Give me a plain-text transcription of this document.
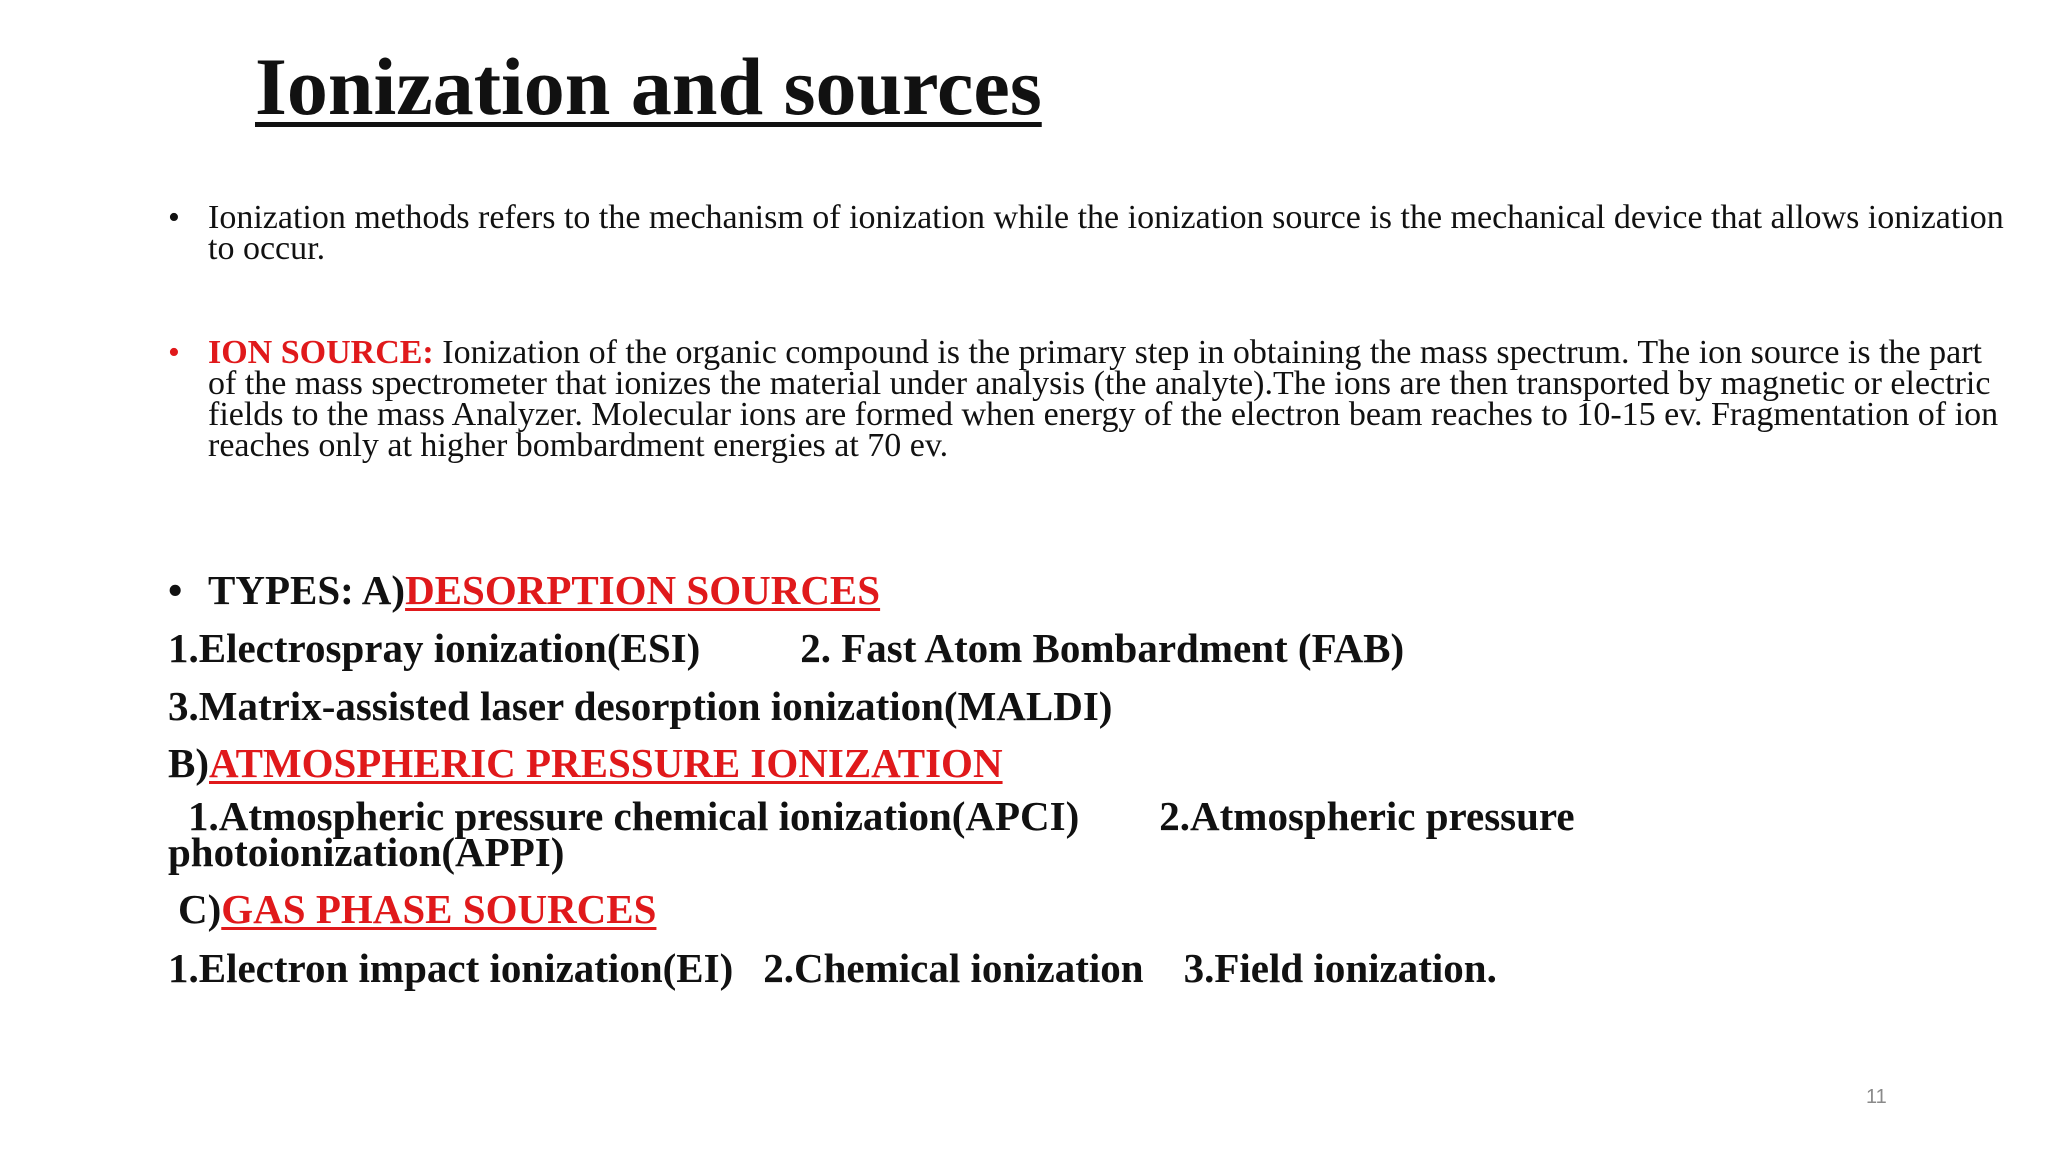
Ionization and sources
• Ionization methods refers to the mechanism of ionization while the ionization source is the mechanical device that allows ionization to occur.
• ION SOURCE: Ionization of the organic compound is the primary step in obtaining the mass spectrum. The ion source is the part of the mass spectrometer that ionizes the material under analysis (the analyte).The ions are then transported by magnetic or electric fields to the mass Analyzer. Molecular ions are formed when energy of the electron beam reaches to 10-15 ev. Fragmentation of ion reaches only at higher bombardment energies at 70 ev.
• TYPES: A)DESORPTION SOURCES
1.Electrospray ionization(ESI) 2. Fast Atom Bombardment (FAB)
3.Matrix-assisted laser desorption ionization(MALDI)
B)ATMOSPHERIC PRESSURE IONIZATION
1.Atmospheric pressure chemical ionization(APCI) 2.Atmospheric pressure photoionization(APPI)
C)GAS PHASE SOURCES
1.Electron impact ionization(EI) 2.Chemical ionization 3.Field ionization.
11
